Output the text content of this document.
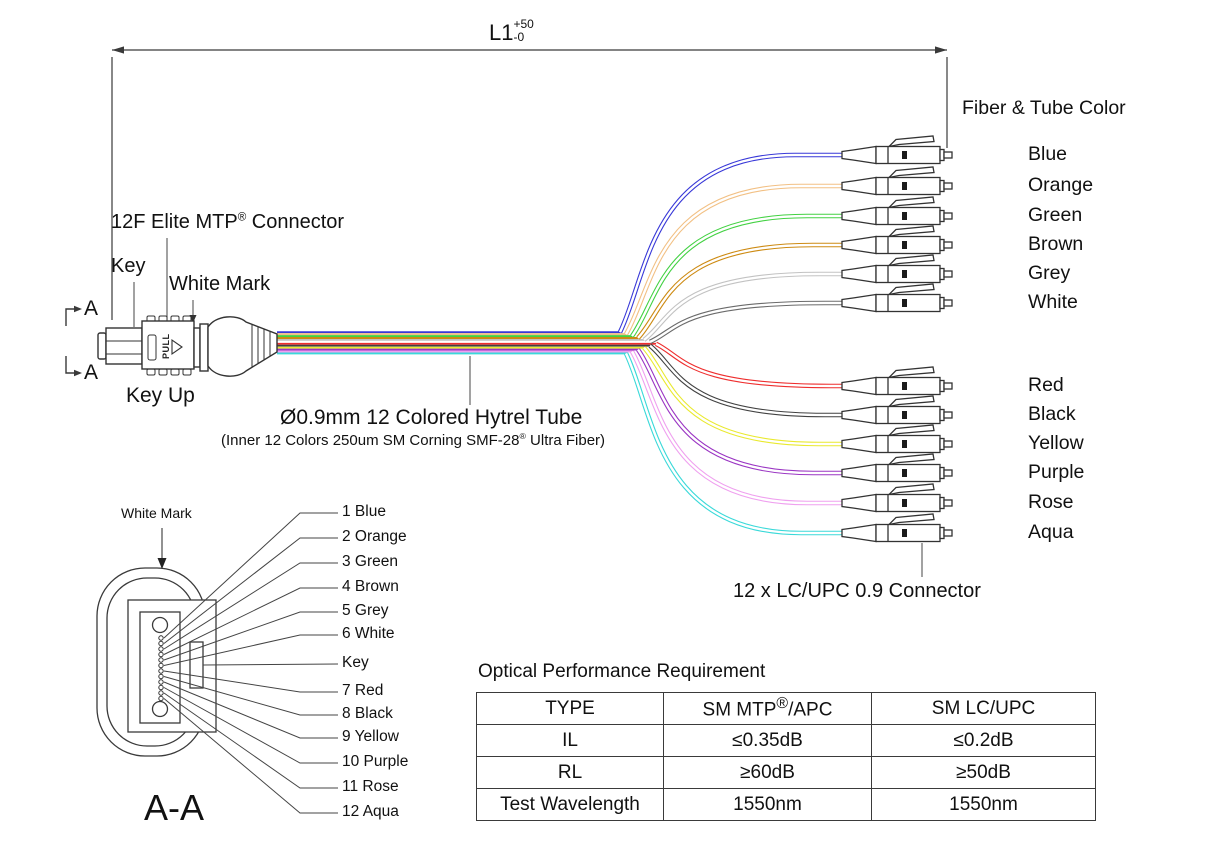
PULL
L1 +50
-0
Fiber & Tube Color
Blue
Orange
Green
Brown
Grey
White
Red
Black
Yellow
Purple
Rose
Aqua
12 x LC/UPC 0.9 Connector
12F Elite MTP® Connector
Key
White Mark
Key Up
A
A
Ø0.9mm 12 Colored Hytrel Tube
(Inner 12 Colors 250um SM Corning SMF-28® Ultra Fiber)
White Mark	1 Blue
2 Orange
3 Green
4 Brown
5 Grey
6 White
Key
7 Red
8 Black
9 Yellow
10 Purple
11 Rose
12 Aqua
A-A
Optical Performance Requirement
TYPE	SM MTP®/APC	SM LC/UPC
IL	≤0.35dB	≤0.2dB
RL	≥60dB	≥50dB
Test Wavelength	1550nm	1550nm
